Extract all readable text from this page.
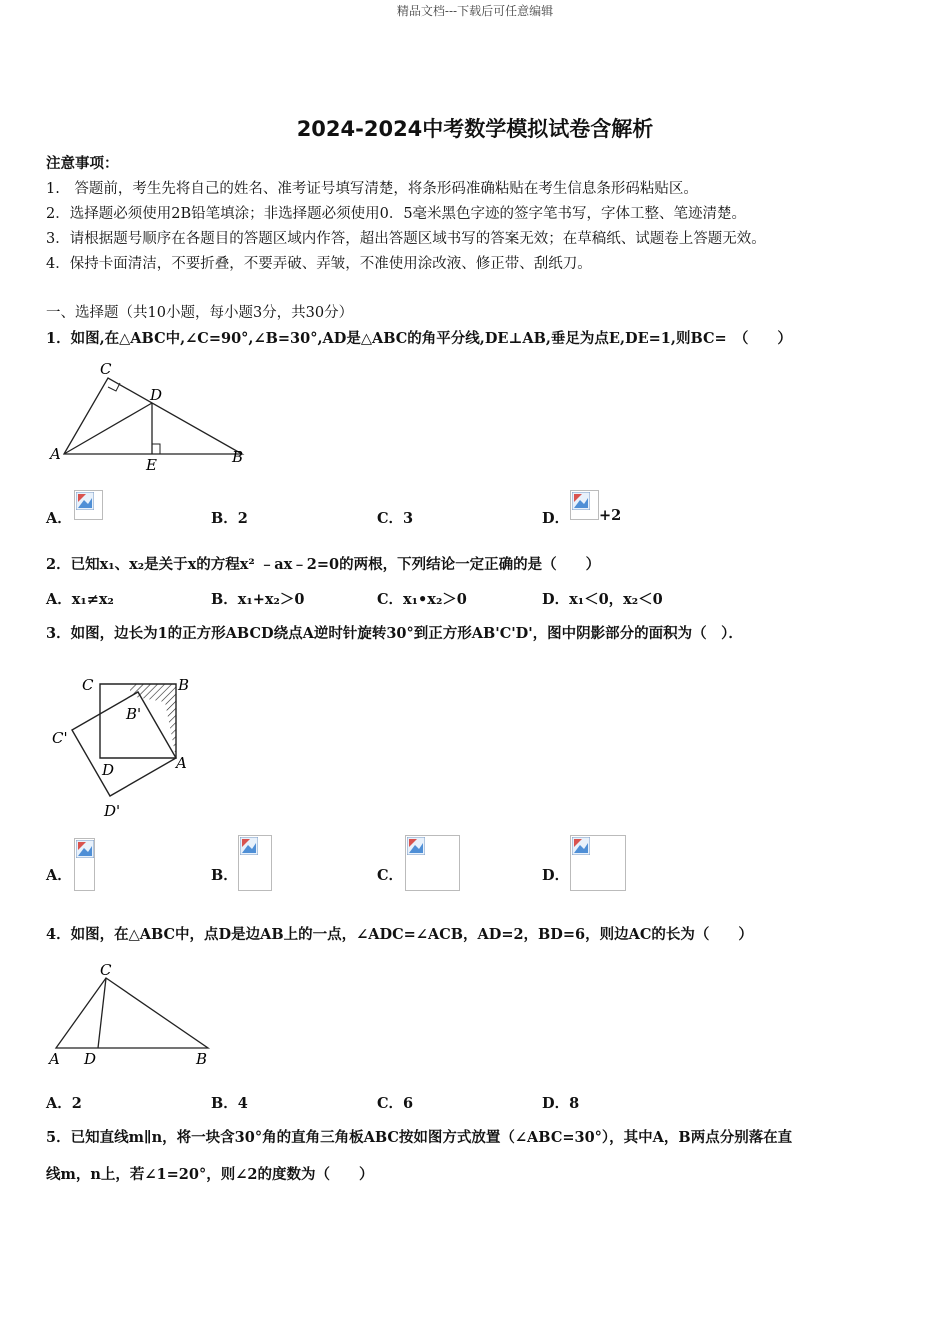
精品文档---下载后可任意编辑
2024-2024中考数学模拟试卷含解析
注意事项：
1.　答题前，考生先将自己的姓名、准考证号填写清楚，将条形码准确粘贴在考生信息条形码粘贴区。
2．选择题必须使用2B铅笔填涂；非选择题必须使用0．5毫米黑色字迹的签字笔书写，字体工整、笔迹清楚。
3．请根据题号顺序在各题目的答题区域内作答，超出答题区域书写的答案无效；在草稿纸、试题卷上答题无效。
4．保持卡面清洁，不要折叠，不要弄破、弄皱，不准使用涂改液、修正带、刮纸刀。
一、选择题（共10小题，每小题3分，共30分）
1．如图,在△ABC中,∠C=90°,∠B=30°,AD是△ABC的角平分线,DE⊥AB,垂足为点E,DE=1,则BC=　（　　）
C
D
A
E	B
A．	B．2	C．3	D． +2
2．已知x₁、x₂是关于x的方程x² ﹣ax﹣2=0的两根，下列结论一定正确的是（　　）
A．x₁≠x₂	B．x₁+x₂＞0	C．x₁•x₂＞0	D．x₁＜0，x₂＜0
3．如图，边长为1的正方形ABCD绕点A逆时针旋转30°到正方形AB'C'D'，图中阴影部分的面积为（　）．
C	B
B'
C'
D	A
D'
A．	B．	C．	D．
4．如图，在△ABC中，点D是边AB上的一点，∠ADC=∠ACB，AD=2，BD=6，则边AC的长为（　　）
C
A D	B
A．2	B．4	C．6	D．8
5．已知直线m∥n，将一块含30°角的直角三角板ABC按如图方式放置（∠ABC=30°），其中A，B两点分别落在直
线m，n上，若∠1=20°，则∠2的度数为（　　）
